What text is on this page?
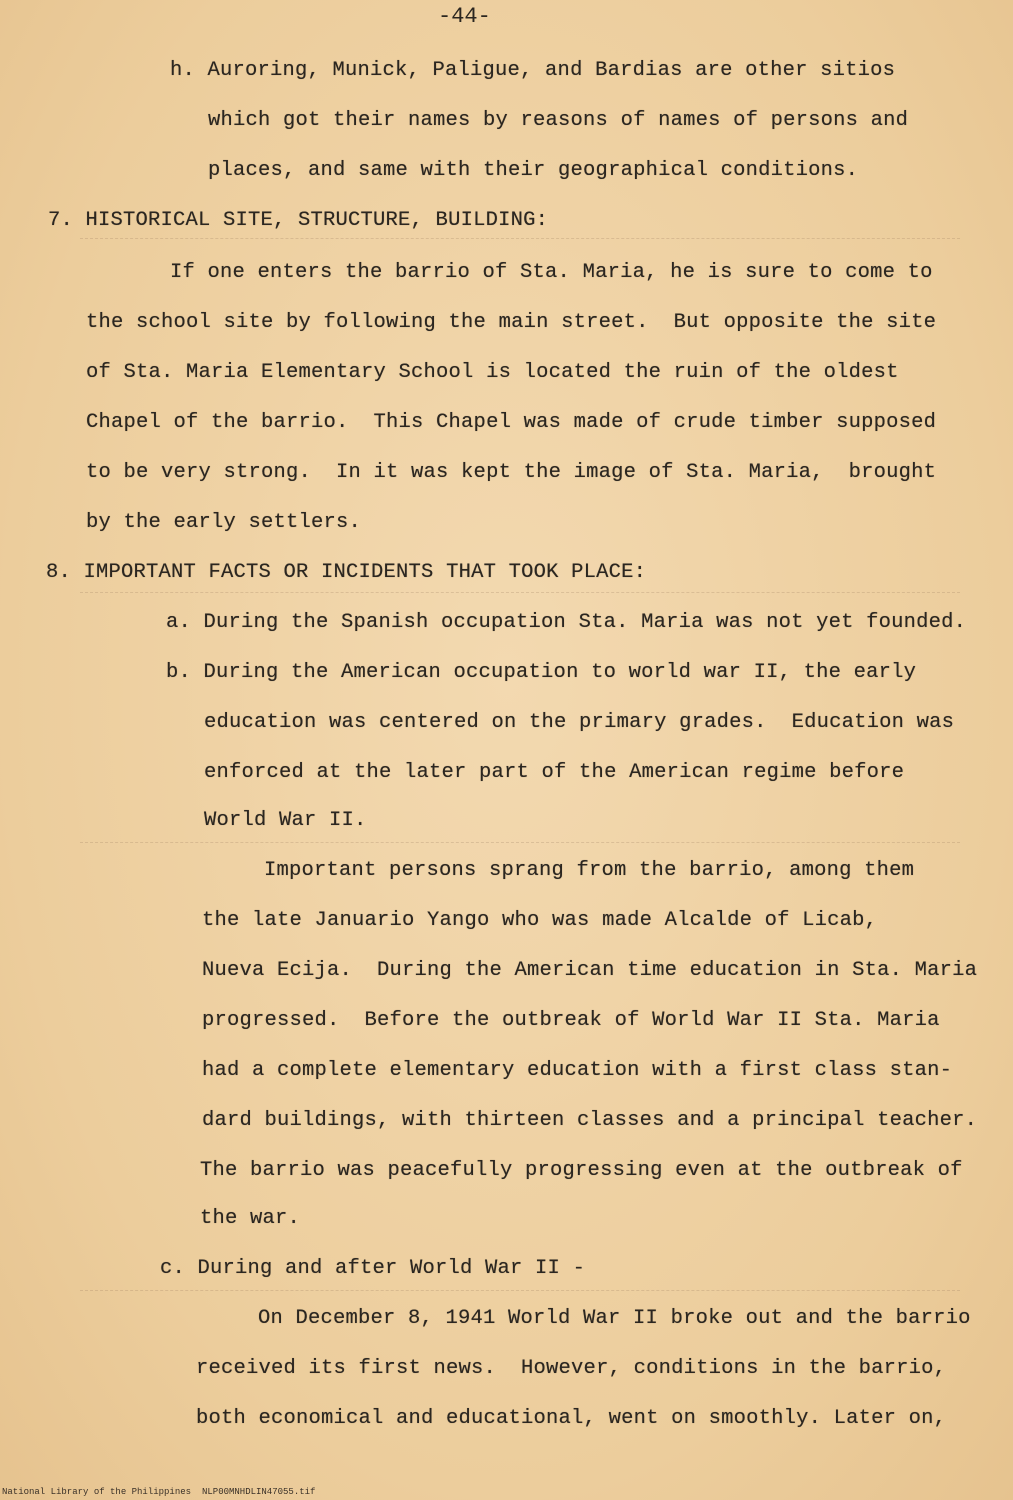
-44-
h. Auroring, Munick, Paligue, and Bardias are other sitios
which got their names by reasons of names of persons and
places, and same with their geographical conditions.
7. HISTORICAL SITE, STRUCTURE, BUILDING:
If one enters the barrio of Sta. Maria, he is sure to come to
the school site by following the main street.  But opposite the site
of Sta. Maria Elementary School is located the ruin of the oldest
Chapel of the barrio.  This Chapel was made of crude timber supposed
to be very strong.  In it was kept the image of Sta. Maria,  brought
by the early settlers.
8. IMPORTANT FACTS OR INCIDENTS THAT TOOK PLACE:
a. During the Spanish occupation Sta. Maria was not yet founded.
b. During the American occupation to world war II, the early
education was centered on the primary grades.  Education was
enforced at the later part of the American regime before
World War II.
Important persons sprang from the barrio, among them
the late Januario Yango who was made Alcalde of Licab,
Nueva Ecija.  During the American time education in Sta. Maria
progressed.  Before the outbreak of World War II Sta. Maria
had a complete elementary education with a first class stan-
dard buildings, with thirteen classes and a principal teacher.
The barrio was peacefully progressing even at the outbreak of
the war.
c. During and after World War II -
On December 8, 1941 World War II broke out and the barrio
received its first news.  However, conditions in the barrio,
both economical and educational, went on smoothly. Later on,
National Library of the Philippines NLP00MNHDLIN47055.tif
